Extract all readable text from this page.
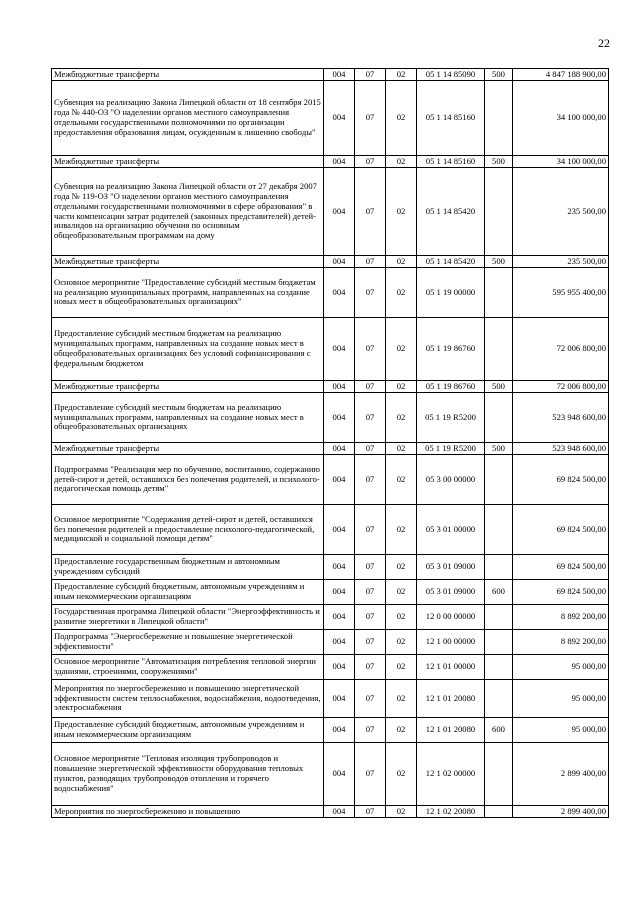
22
Межбюджетные трансферты	004	07	02	05 1 14 85090	500	4 847 188 900,00
Субвенция на реализацию Закона Липецкой области от 18 сентября 2015 года № 440-ОЗ "О наделении органов местного самоуправления отдельными государственными полномочиями по организации предоставления образования лицам, осужденным к лишению свободы"	004	07	02	05 1 14 85160		34 100 000,00
Межбюджетные трансферты	004	07	02	05 1 14 85160	500	34 100 000,00
Субвенция на реализацию Закона Липецкой области от 27 декабря 2007 года № 119-ОЗ "О наделении органов местного самоуправления отдельными государственными полномочиями в сфере образования" в части компенсации затрат родителей (законных представителей) детей-инвалидов на организацию обучения по основным общеобразовательным программам на дому	004	07	02	05 1 14 85420		235 500,00
Межбюджетные трансферты	004	07	02	05 1 14 85420	500	235 500,00
Основное мероприятие "Предоставление субсидий местным бюджетам на реализацию муниципальных программ, направленных на создание новых мест в общеобразовательных организациях"	004	07	02	05 1 19 00000		595 955 400,00
Предоставление субсидий местным бюджетам на реализацию муниципальных программ, направленных на создание новых мест в общеобразовательных организациях без условий софинансирования с федеральным бюджетом	004	07	02	05 1 19 86760		72 006 800,00
Межбюджетные трансферты	004	07	02	05 1 19 86760	500	72 006 800,00
Предоставление субсидий местным бюджетам на реализацию муниципальных программ, направленных на создание новых мест в общеобразовательных организациях	004	07	02	05 1 19 R5200		523 948 600,00
Межбюджетные трансферты	004	07	02	05 1 19 R5200	500	523 948 600,00
Подпрограмма "Реализация мер по обучению, воспитанию, содержанию детей-сирот и детей, оставшихся без попечения родителей, и психолого-педагогическая помощь детям"	004	07	02	05 3 00 00000		69 824 500,00
Основное мероприятие "Содержания детей-сирот и детей, оставшихся без попечения родителей и предоставление психолого-педагогической, медицинской и социальной помощи детям"	004	07	02	05 3 01 00000		69 824 500,00
Предоставление государственным бюджетным и автономным учреждениям субсидий	004	07	02	05 3 01 09000		69 824 500,00
Предоставление субсидий бюджетным, автономным учреждениям и иным некоммерческим организациям	004	07	02	05 3 01 09000	600	69 824 500,00
Государственная программа Липецкой области "Энергоэффективность и развитие энергетики в Липецкой области"	004	07	02	12 0 00 00000		8 892 200,00
Подпрограмма "Энергосбережение и повышение энергетической эффективности"	004	07	02	12 1 00 00000		8 892 200,00
Основное мероприятие "Автоматизация потребления тепловой энергии зданиями, строениями, сооружениями"	004	07	02	12 1 01 00000		95 000,00
Мероприятия по энергосбережению и повышению энергетической эффективности систем теплоснабжения, водоснабжения, водоотведения, электроснабжения	004	07	02	12 1 01 20080		95 000,00
Предоставление субсидий бюджетным, автономным учреждениям и иным некоммерческим организациям	004	07	02	12 1 01 20080	600	95 000,00
Основное мероприятие "Тепловая изоляция трубопроводов и повышение энергетической эффективности оборудования тепловых пунктов, разводящих трубопроводов отопления и горячего водоснабжения"	004	07	02	12 1 02 00000		2 899 400,00
Мероприятия по энергосбережению и повышению	004	07	02	12 1 02 20080		2 899 400,00
